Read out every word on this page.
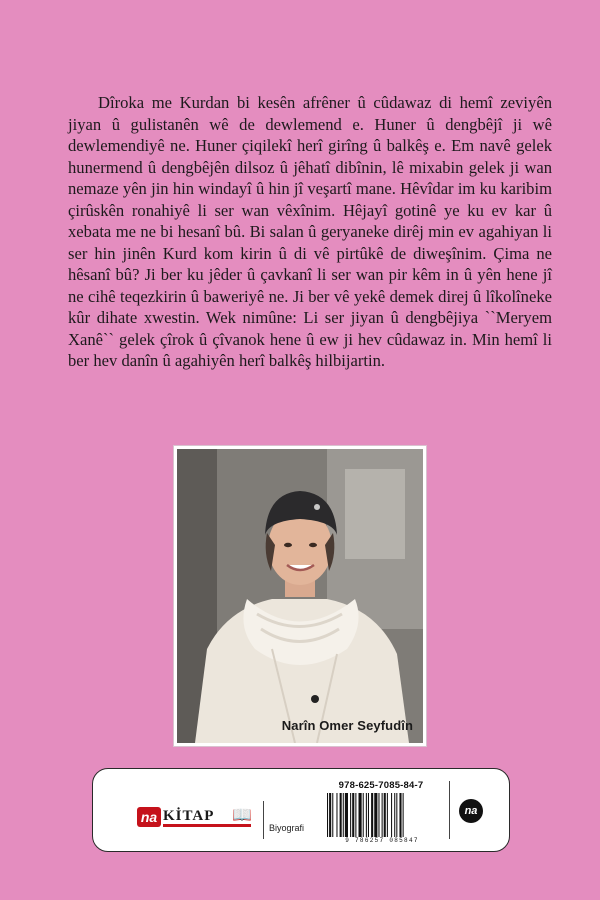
Dîroka me Kurdan bi kesên afrêner û cûdawaz di hemî zeviyên jiyan û gulistanên wê de dewlemend e. Huner û dengbêjî ji wê dewlemendiyê ne. Huner çiqilekî herî girîng û balkêş e. Em navê gelek hunermend û dengbêjên dilsoz û jêhatî dibînin, lê mixabin gelek ji wan nemaze yên jin hin windayî û hin jî veşartî mane. Hêvîdar im ku karibim çirûskên ronahiyê li ser wan vêxînim. Hêjayî gotinê ye ku ev kar û xebata me ne bi hesanî bû. Bi salan û geryaneke dirêj min ev agahiyan li ser hin jinên Kurd kom kirin û di vê pirtûkê de diweşînim. Çima ne hêsanî bû? Ji ber ku jêder û çavkanî li ser wan pir kêm in û yên hene jî ne cihê teqezkirin û baweriyê ne. Ji ber vê yekê demek direj û lîkolîneke kûr dihate xwestin. Wek nimûne: Li ser jiyan û dengbêjiya ``Meryem Xanê`` gelek çîrok û çîvanok hene û ew ji hev cûdawaz in. Min hemî li ber hev danîn û agahiyên herî balkêş hilbijartin.

Narîn Omer Seyfudîn
na KİTAP 📖
Biyografi
978-625-7085-84-7
9 786257 085847
na
